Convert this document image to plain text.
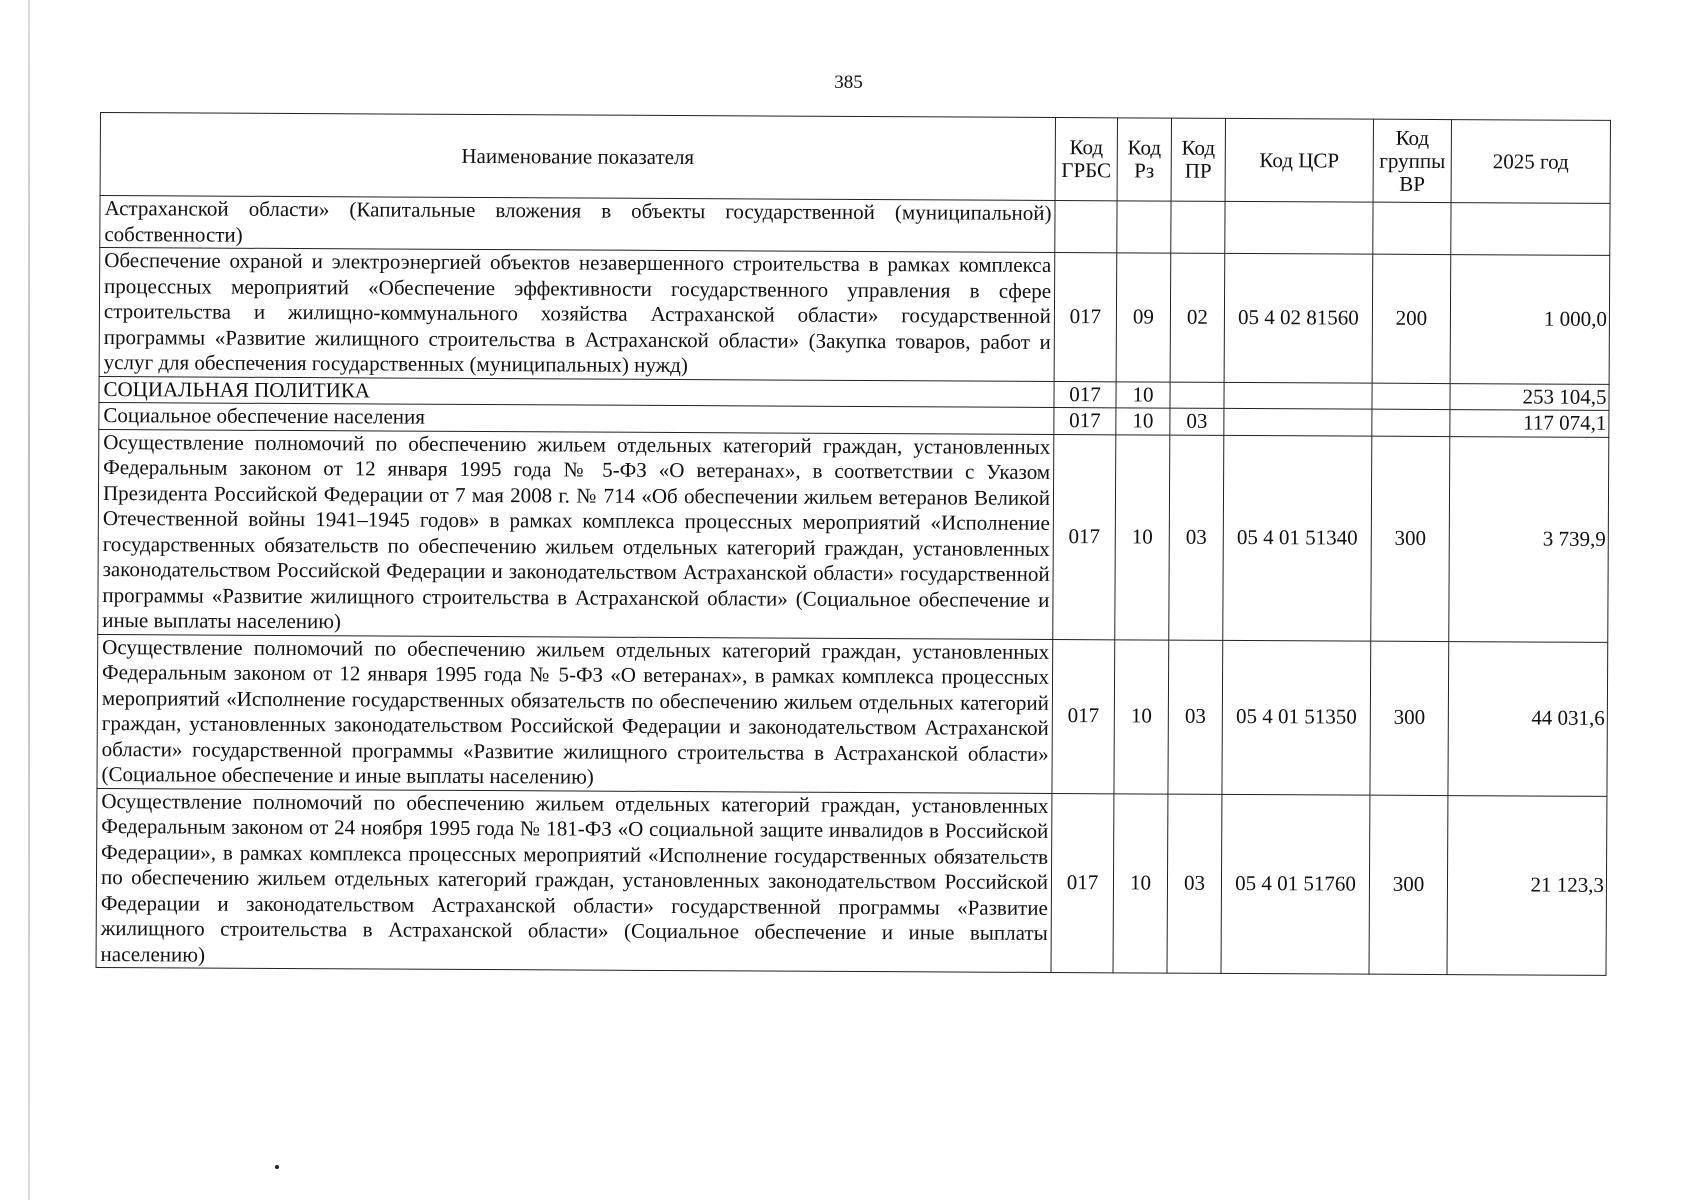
385
Наименование показателя	Код ГРБС	Код Рз	Код ПР	Код ЦСР	Код группы ВР	2025 год
Астраханской области» (Капитальные вложения в объекты государственной (муниципальной) собственности)						
Обеспечение охраной и электроэнергией объектов незавершенного строительства в рамках комплекса процессных мероприятий «Обеспечение эффективности государственного управления в сфере строительства и жилищно-коммунального хозяйства Астраханской области» государственной программы «Развитие жилищного строительства в Астраханской области» (Закупка товаров, работ и услуг для обеспечения государственных (муниципальных) нужд)	017	09	02	05 4 02 81560	200	1 000,0
СОЦИАЛЬНАЯ ПОЛИТИКА	017	10				253 104,5
Социальное обеспечение населения	017	10	03			117 074,1
Осуществление полномочий по обеспечению жильем отдельных категорий граждан, установленных Федеральным законом от 12 января 1995 года № 5-ФЗ «О ветеранах», в соответствии с Указом Президента Российской Федерации от 7 мая 2008 г. № 714 «Об обеспечении жильем ветеранов Великой Отечественной войны 1941–1945 годов» в рамках комплекса процессных мероприятий «Исполнение государственных обязательств по обеспечению жильем отдельных категорий граждан, установленных законодательством Российской Федерации и законодательством Астраханской области» государственной программы «Развитие жилищного строительства в Астраханской области» (Социальное обеспечение и иные выплаты населению)	017	10	03	05 4 01 51340	300	3 739,9
Осуществление полномочий по обеспечению жильем отдельных категорий граждан, установленных Федеральным законом от 12 января 1995 года № 5-ФЗ «О ветеранах», в рамках комплекса процессных мероприятий «Исполнение государственных обязательств по обеспечению жильем отдельных категорий граждан, установленных законодательством Российской Федерации и законодательством Астраханской области» государственной программы «Развитие жилищного строительства в Астраханской области» (Социальное обеспечение и иные выплаты населению)	017	10	03	05 4 01 51350	300	44 031,6
Осуществление полномочий по обеспечению жильем отдельных категорий граждан, установленных Федеральным законом от 24 ноября 1995 года № 181-ФЗ «О социальной защите инвалидов в Российской Федерации», в рамках комплекса процессных мероприятий «Исполнение государственных обязательств по обеспечению жильем отдельных категорий граждан, установленных законодательством Российской Федерации и законодательством Астраханской области» государственной программы «Развитие жилищного строительства в Астраханской области» (Социальное обеспечение и иные выплаты населению)	017	10	03	05 4 01 51760	300	21 123,3
